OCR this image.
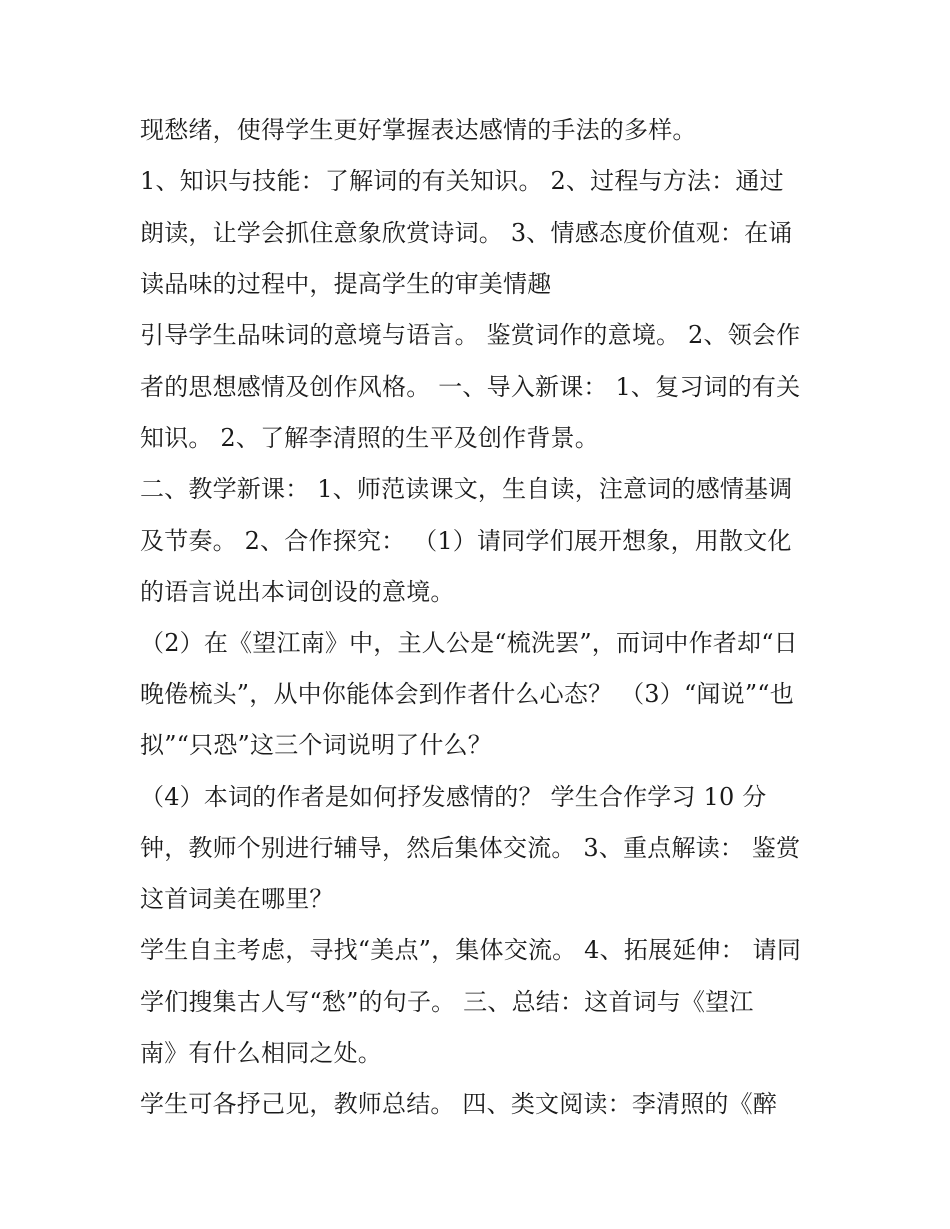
现愁绪，使得学生更好掌握表达感情的手法的多样。
1、知识与技能：了解词的有关知识。 2、过程与方法：通过
朗读，让学会抓住意象欣赏诗词。 3、情感态度价值观：在诵
读品味的过程中，提高学生的审美情趣
引导学生品味词的意境与语言。 鉴赏词作的意境。 2、领会作
者的思想感情及创作风格。 一、导入新课： 1、复习词的有关
知识。 2、了解李清照的生平及创作背景。
二、教学新课： 1、师范读课文，生自读，注意词的感情基调
及节奏。 2、合作探究： （1）请同学们展开想象，用散文化
的语言说出本词创设的意境。
（2）在《望江南》中，主人公是“梳洗罢”，而词中作者却“日
晚倦梳头”，从中你能体会到作者什么心态？ （3）“闻说”“也
拟”“只恐”这三个词说明了什么？
（4）本词的作者是如何抒发感情的？ 学生合作学习 10 分
钟，教师个别进行辅导，然后集体交流。 3、重点解读： 鉴赏
这首词美在哪里？
学生自主考虑，寻找“美点”，集体交流。 4、拓展延伸： 请同
学们搜集古人写“愁”的句子。 三、总结：这首词与《望江
南》有什么相同之处。
学生可各抒己见，教师总结。 四、类文阅读：李清照的《醉
